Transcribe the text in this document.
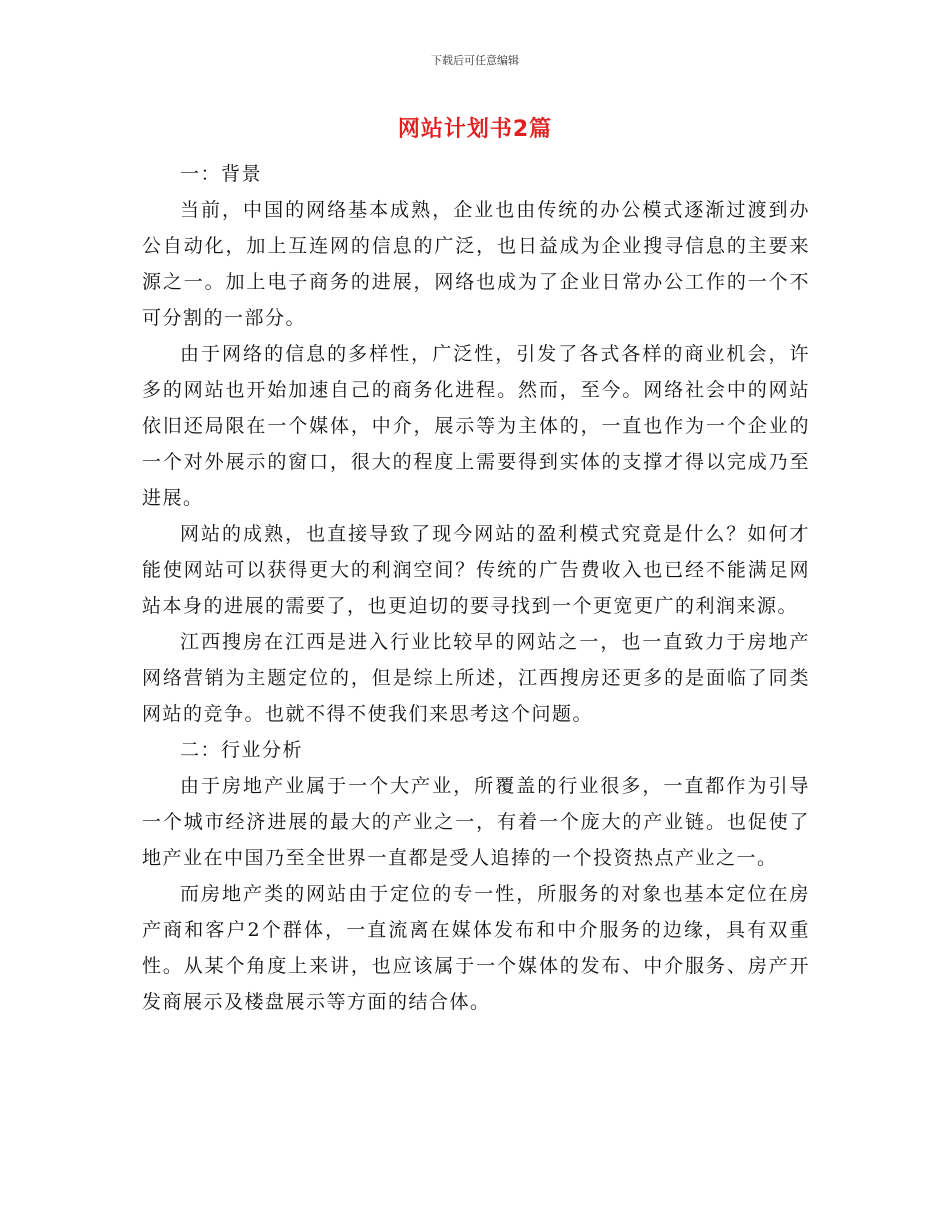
下载后可任意编辑
网站计划书2篇

一：背景

当前，中国的网络基本成熟，企业也由传统的办公模式逐渐过渡到办公自动化，加上互连网的信息的广泛，也日益成为企业搜寻信息的主要来源之一。加上电子商务的进展，网络也成为了企业日常办公工作的一个不可分割的一部分。

由于网络的信息的多样性，广泛性，引发了各式各样的商业机会，许多的网站也开始加速自己的商务化进程。然而，至今。网络社会中的网站依旧还局限在一个媒体，中介，展示等为主体的，一直也作为一个企业的一个对外展示的窗口，很大的程度上需要得到实体的支撑才得以完成乃至进展。

网站的成熟，也直接导致了现今网站的盈利模式究竟是什么？如何才能使网站可以获得更大的利润空间？传统的广告费收入也已经不能满足网站本身的进展的需要了，也更迫切的要寻找到一个更宽更广的利润来源。

江西搜房在江西是进入行业比较早的网站之一，也一直致力于房地产网络营销为主题定位的，但是综上所述，江西搜房还更多的是面临了同类网站的竞争。也就不得不使我们来思考这个问题。

二：行业分析

由于房地产业属于一个大产业，所覆盖的行业很多，一直都作为引导一个城市经济进展的最大的产业之一，有着一个庞大的产业链。也促使了地产业在中国乃至全世界一直都是受人追捧的一个投资热点产业之一。

而房地产类的网站由于定位的专一性，所服务的对象也基本定位在房产商和客户2个群体，一直流离在媒体发布和中介服务的边缘，具有双重性。从某个角度上来讲，也应该属于一个媒体的发布、中介服务、房产开发商展示及楼盘展示等方面的结合体。
